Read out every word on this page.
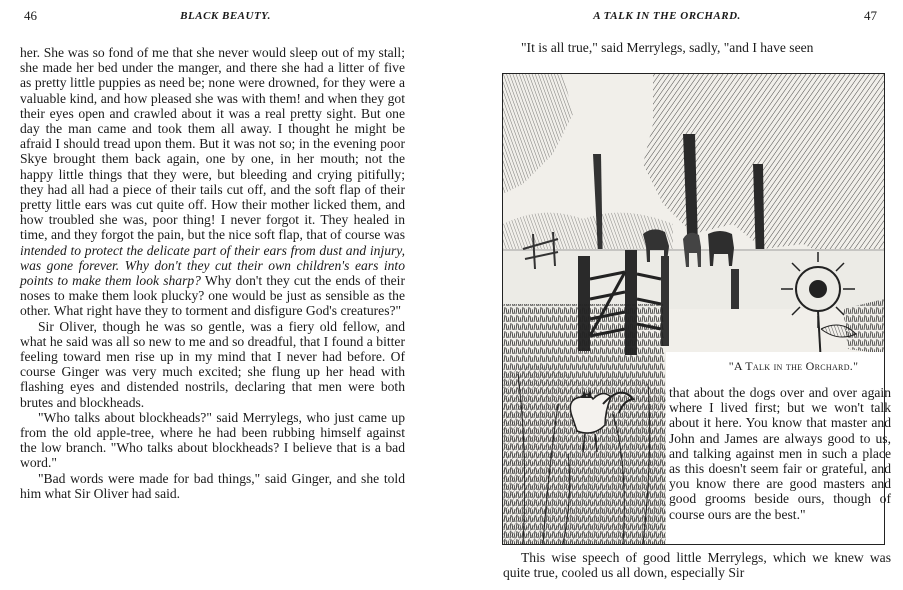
46	BLACK BEAUTY.

her. She was so fond of me that she never would sleep out of my stall; she made her bed under the manger, and there she had a litter of five as pretty little puppies as need be; none were drowned, for they were a valuable kind, and how pleased she was with them! and when they got their eyes open and crawled about it was a real pretty sight. But one day the man came and took them all away. I thought he might be afraid I should tread upon them. But it was not so; in the evening poor Skye brought them back again, one by one, in her mouth; not the happy little things that they were, but bleeding and crying pitifully; they had all had a piece of their tails cut off, and the soft flap of their pretty little ears was cut quite off. How their mother licked them, and how troubled she was, poor thing! I never forgot it. They healed in time, and they forgot the pain, but the nice soft flap, that of course was intended to protect the delicate part of their ears from dust and injury, was gone forever. Why don't they cut their own children's ears into points to make them look sharp? Why don't they cut the ends of their noses to make them look plucky? one would be just as sensible as the other. What right have they to torment and disfigure God's creatures?"

Sir Oliver, though he was so gentle, was a fiery old fellow, and what he said was all so new to me and so dreadful, that I found a bitter feeling toward men rise up in my mind that I never had before. Of course Ginger was very much excited; she flung up her head with flashing eyes and distended nostrils, declaring that men were both brutes and blockheads.

"Who talks about blockheads?" said Merrylegs, who just came up from the old apple-tree, where he had been rubbing himself against the low branch. "Who talks about blockheads? I believe that is a bad word."

"Bad words were made for bad things," said Ginger, and she told him what Sir Oliver had said.

A TALK IN THE ORCHARD.	47

"It is all true," said Merrylegs, sadly, "and I have seen

"A Talk in the Orchard."

that about the dogs over and over again where I lived first; but we won't talk about it here. You know that master and John and James are always good to us, and talking against men in such a place as this doesn't seem fair or grateful, and you know there are good masters and good grooms beside ours, though of course ours are the best."

This wise speech of good little Merrylegs, which we knew was quite true, cooled us all down, especially Sir
